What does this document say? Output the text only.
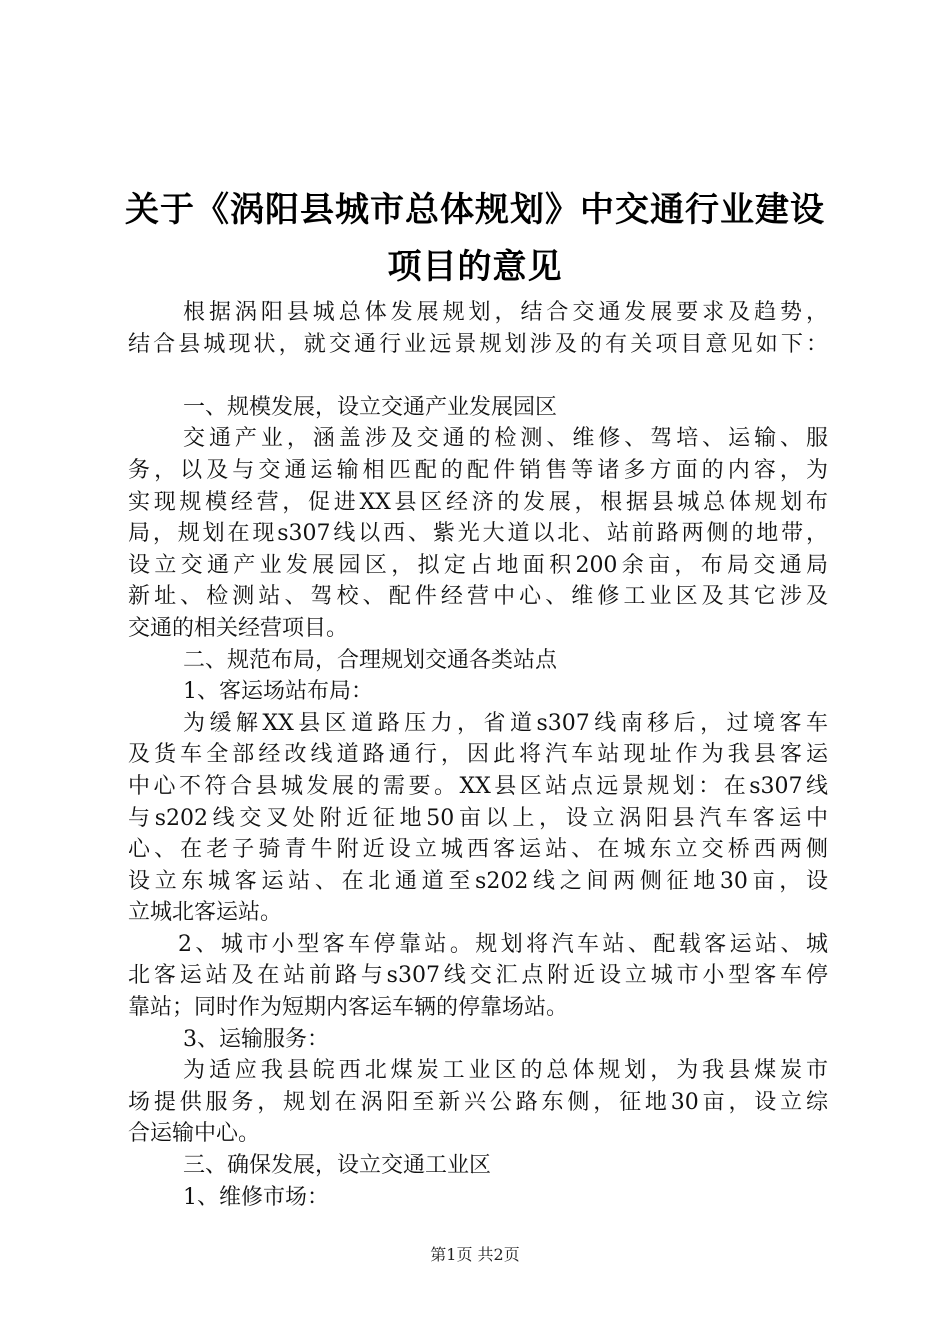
关于《涡阳县城市总体规划》中交通行业建设
项目的意见
根据涡阳县城总体发展规划，结合交通发展要求及趋势，
结合县城现状，就交通行业远景规划涉及的有关项目意见如下：
一、规模发展，设立交通产业发展园区
交通产业，涵盖涉及交通的检测、维修、驾培、运输、服
务，以及与交通运输相匹配的配件销售等诸多方面的内容，为
实现规模经营，促进XX县区经济的发展，根据县城总体规划布
局，规划在现s307线以西、紫光大道以北、站前路两侧的地带，
设立交通产业发展园区，拟定占地面积200余亩，布局交通局
新址、检测站、驾校、配件经营中心、维修工业区及其它涉及
交通的相关经营项目。
二、规范布局，合理规划交通各类站点
1、客运场站布局：
为缓解XX县区道路压力，省道s307线南移后，过境客车
及货车全部经改线道路通行，因此将汽车站现址作为我县客运
中心不符合县城发展的需要。XX县区站点远景规划：在s307线
与s202线交叉处附近征地50亩以上，设立涡阳县汽车客运中
心、在老子骑青牛附近设立城西客运站、在城东立交桥西两侧
设立东城客运站、在北通道至s202线之间两侧征地30亩，设
立城北客运站。
2、城市小型客车停靠站。规划将汽车站、配载客运站、城
北客运站及在站前路与s307线交汇点附近设立城市小型客车停
靠站；同时作为短期内客运车辆的停靠场站。
3、运输服务：
为适应我县皖西北煤炭工业区的总体规划，为我县煤炭市
场提供服务，规划在涡阳至新兴公路东侧，征地30亩，设立综
合运输中心。
三、确保发展，设立交通工业区
1、维修市场：
第1页 共2页
